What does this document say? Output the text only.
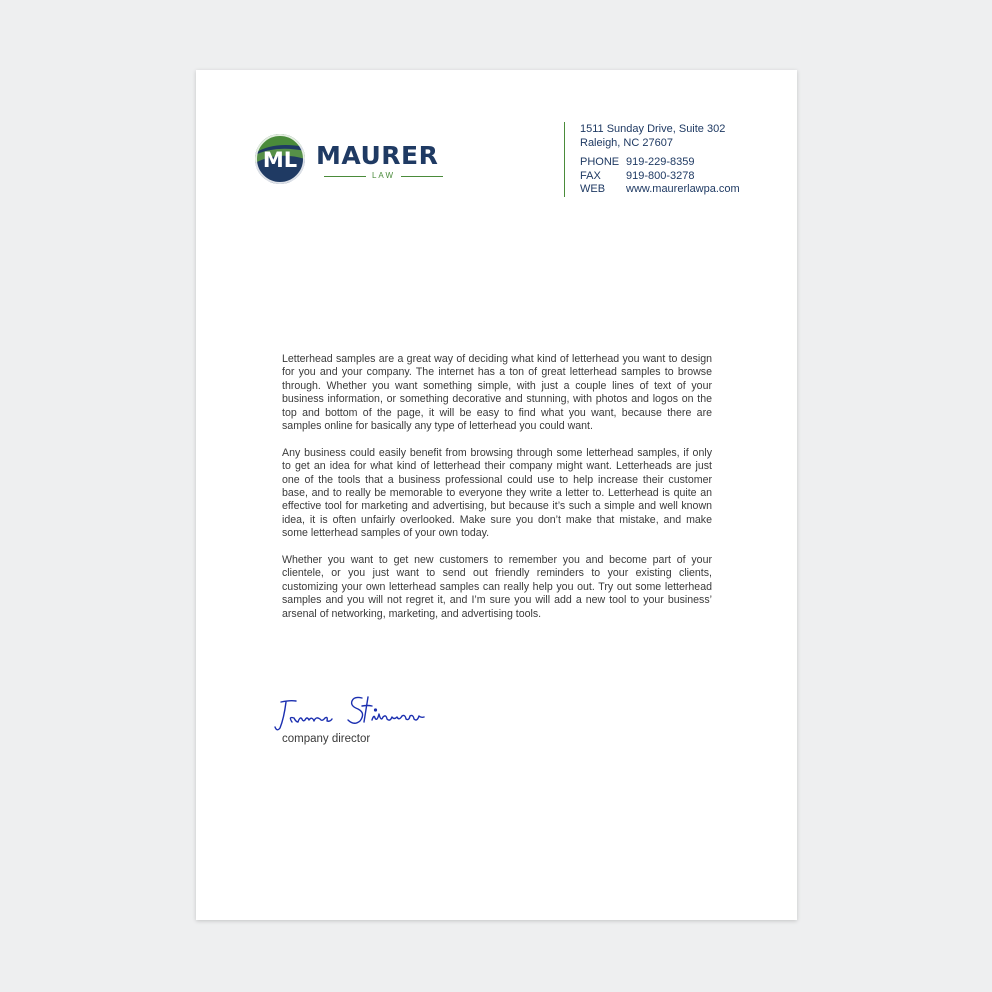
ML MAURER
LAW
1511 Sunday Drive, Suite 302
Raleigh, NC 27607
PHONE 919-229-8359
FAX 919-800-3278
WEB www.maurerlawpa.com

Letterhead samples are a great way of deciding what kind of letterhead you want to design for you and your company. The internet has a ton of great letterhead samples to browse through. Whether you want something simple, with just a couple lines of text of your business information, or something decorative and stunning, with photos and logos on the top and bottom of the page, it will be easy to find what you want, because there are samples online for basically any type of letterhead you could want.

Any business could easily benefit from browsing through some letterhead samples, if only to get an idea for what kind of letterhead their company might want. Letterheads are just one of the tools that a business professional could use to help increase their customer base, and to really be memorable to everyone they write a letter to. Letterhead is quite an effective tool for marketing and advertising, but because it’s such a simple and well known idea, it is often unfairly overlooked. Make sure you don’t make that mistake, and make some letterhead samples of your own today.

Whether you want to get new customers to remember you and become part of your clientele, or you just want to send out friendly reminders to your existing clients, customizing your own letterhead samples can really help you out. Try out some letterhead samples and you will not regret it, and I’m sure you will add a new tool to your business’ arsenal of networking, marketing, and advertising tools.

company director
